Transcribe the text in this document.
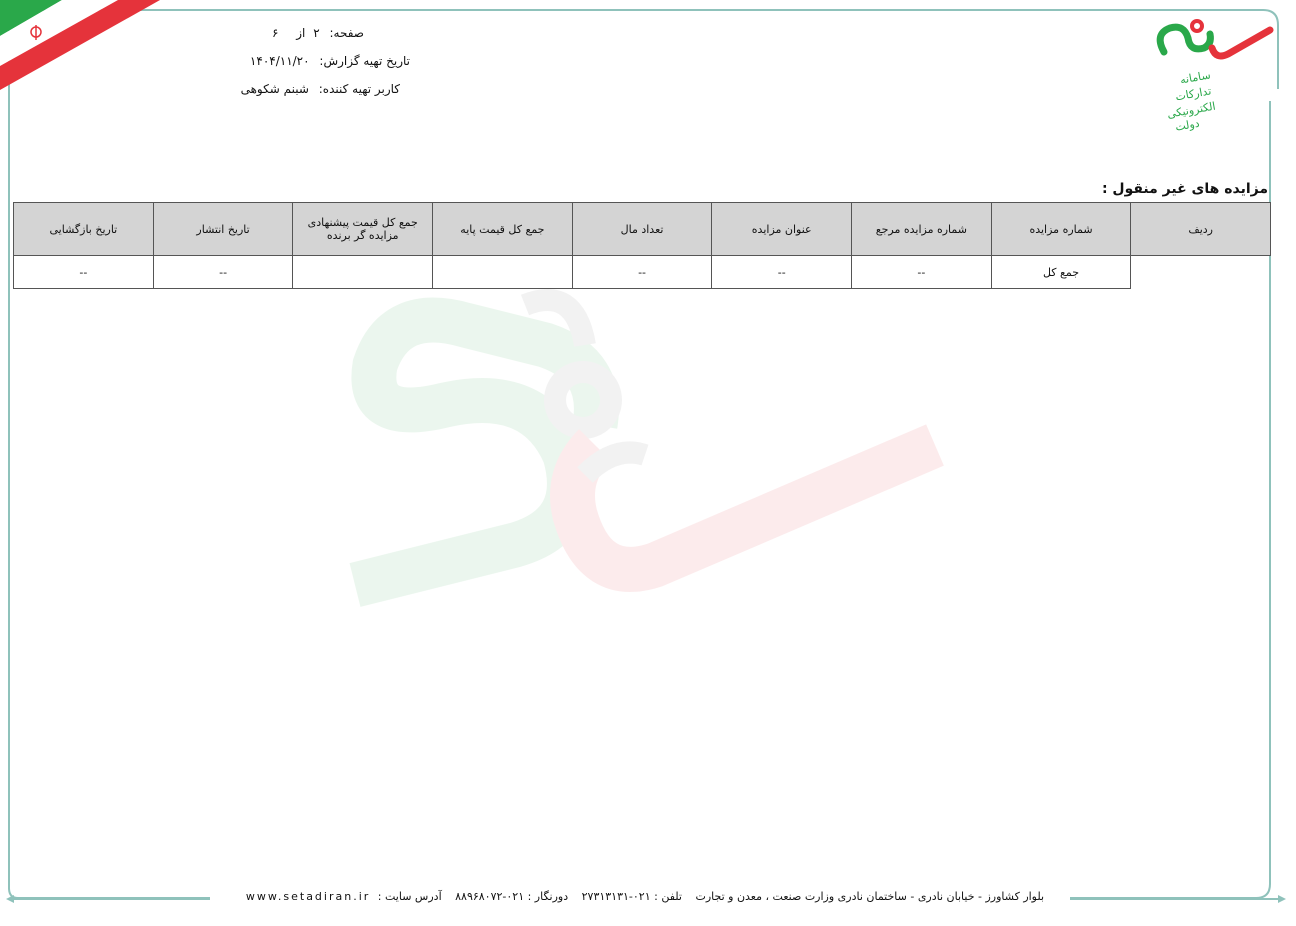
صفحه: ۲ از ۶
تاریخ تهیه گزارش: ۱۴۰۴/۱۱/۲۰
کاربر تهیه کننده: شبنم شکوهی
سامانه
تدارکات
الکترونیکی
دولت
مزایده های غیر منقول :
ردیف	شماره مزایده	شماره مزایده مرجع	عنوان مزایده	تعداد مال	جمع کل قیمت پایه	جمع کل قیمت پیشنهادی مزایده گر برنده	تاریخ انتشار	تاریخ بازگشایی
	جمع کل	--	--	--			--	--
بلوار کشاورز - خیابان نادری - ساختمان نادری وزارت صنعت ، معدن و تجارت تلفن : ۰۲۱-۲۷۳۱۳۱۳۱ دورنگار : ۰۲۱-۸۸۹۶۸۰۷۲ آدرس سایت : www.setadiran.ir
